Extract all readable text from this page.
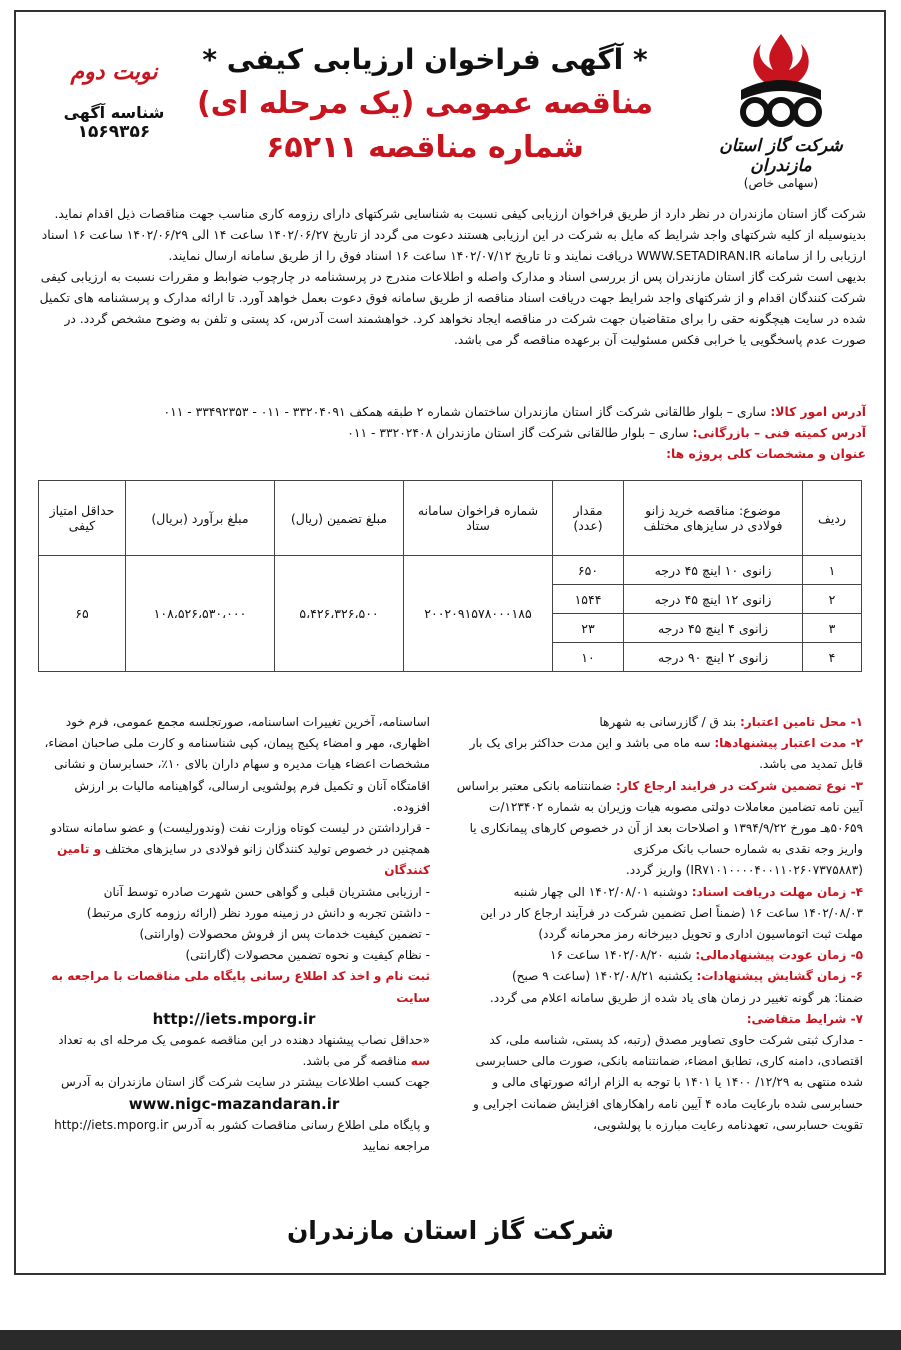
شرکت گاز استان مازندران
(سهامی خاص)
* آگهی فراخوان ارزیابی کیفی *
مناقصه عمومی (یک مرحله ای)
شماره مناقصه ۶۵۲۱۱
نوبت دوم
شناسه آگهی
۱۵۶۹۳۵۶

شرکت گاز استان مازندران در نظر دارد از طریق فراخوان ارزیابی کیفی نسبت به شناسایی شرکتهای دارای رزومه کاری مناسب جهت مناقصات ذیل اقدام نماید. بدینوسیله از کلیه شرکتهای واجد شرایط که مایل به شرکت در این ارزیابی هستند دعوت می گردد از تاریخ ۱۴۰۲/۰۶/۲۷ ساعت ۱۴ الی ۱۴۰۲/۰۶/۲۹ ساعت ۱۶ اسناد ارزیابی را از سامانه WWW.SETADIRAN.IR دریافت نمایند و تا تاریخ ۱۴۰۲/۰۷/۱۲ ساعت ۱۶ اسناد فوق را از طریق سامانه ارسال نمایند.

بدیهی است شرکت گاز استان مازندران پس از بررسی اسناد و مدارک واصله و اطلاعات مندرج در پرسشنامه در چارچوب ضوابط و مقررات نسبت به ارزیابی کیفی شرکت کنندگان اقدام و از شرکتهای واجد شرایط جهت دریافت اسناد مناقصه از طریق سامانه فوق دعوت بعمل خواهد آورد. تا ارائه مدارک و پرسشنامه های تکمیل شده در سایت هیچگونه حقی را برای متقاضیان جهت شرکت در مناقصه ایجاد نخواهد کرد. خواهشمند است آدرس، کد پستی و تلفن به وضوح مشخص گردد. در صورت عدم پاسخگویی یا خرابی فکس مسئولیت آن برعهده مناقصه گر می باشد.

آدرس امور کالا: ساری – بلوار طالقانی شرکت گاز استان مازندران ساختمان شماره ۲ طبقه همکف ۳۳۲۰۴۰۹۱ - ۰۱۱ - ۳۳۴۹۲۳۵۳ - ۰۱۱

آدرس کمیته فنی – بازرگانی: ساری – بلوار طالقانی شرکت گاز استان مازندران ۳۳۲۰۲۴۰۸ - ۰۱۱

عنوان و مشخصات کلی پروژه ها:

ردیف	موضوع: مناقصه خرید زانو فولادی در سایزهای مختلف	مقدار (عدد)	شماره فراخوان سامانه ستاد	مبلغ تضمین (ریال)	مبلغ برآورد (بریال)	حداقل امتیاز کیفی
۱	زانوی ۱۰ اینچ ۴۵ درجه	۶۵۰	۲۰۰۲۰۹۱۵۷۸۰۰۰۱۸۵	۵،۴۲۶،۳۲۶،۵۰۰	۱۰۸،۵۲۶،۵۳۰،۰۰۰	۶۵
۲	زانوی ۱۲ اینچ ۴۵ درجه	۱۵۴۴				
۳	زانوی ۴ اینچ ۴۵ درجه	۲۳				
۴	زانوی ۲ اینچ ۹۰ درجه	۱۰				

۱- محل تامین اعتبار: بند ق / گازرسانی به شهرها

۲- مدت اعتبار پیشنهادها: سه ماه می باشد و این مدت حداکثر برای یک بار قابل تمدید می باشد.

۳- نوع تضمین شرکت در فرایند ارجاع کار: ضمانتنامه بانکی معتبر براساس آیین نامه تضامین معاملات دولتی مصوبه هیات وزیران به شماره ۱۲۳۴۰۲/ت ۵۰۶۵۹هـ مورخ ۱۳۹۴/۹/۲۲ و اصلاحات بعد از آن در خصوص کارهای پیمانکاری یا واریز وجه نقدی به شماره حساب بانک مرکزی (IR۷۱۰۱۰۰۰۰۴۰۰۱۱۰۲۶۰۷۳۷۵۸۸۳) واریز گردد.

۴- زمان مهلت دریافت اسناد: دوشنبه ۱۴۰۲/۰۸/۰۱ الی چهار شنبه ۱۴۰۲/۰۸/۰۳ ساعت ۱۶ (ضمناً اصل تضمین شرکت در فرآیند ارجاع کار در این مهلت ثبت اتوماسیون اداری و تحویل دبیرخانه رمز محرمانه گردد)

۵- زمان عودت پیشنهادمالی: شنبه ۱۴۰۲/۰۸/۲۰ ساعت ۱۶

۶- زمان گشایش پیشنهادات: یکشنبه ۱۴۰۲/۰۸/۲۱ (ساعت ۹ صبح)

ضمنا: هر گونه تغییر در زمان های یاد شده از طریق سامانه اعلام می گردد.

۷- شرایط متقاضی:

- مدارک ثبتی شرکت حاوی تصاویر مصدق (رتبه، کد پستی، شناسه ملی، کد اقتصادی، دامنه کاری، تطابق امضاء، ضمانتنامه بانکی، صورت مالی حسابرسی شده منتهی به ۱۲/۲۹/ ۱۴۰۰ یا ۱۴۰۱ با توجه به الزام ارائه صورتهای مالی و حسابرسی شده بارعایت ماده ۴ آیین نامه راهکارهای افزایش ضمانت اجرایی و تقویت حسابرسی، تعهدنامه رعایت مبارزه با پولشویی،

اساسنامه، آخرین تغییرات اساسنامه، صورتجلسه مجمع عمومی، فرم خود اظهاری، مهر و امضاء پکیج پیمان، کپی شناسنامه و کارت ملی صاحبان امضاء، مشخصات اعضاء هیات مدیره و سهام داران بالای ۱۰٪، حسابرسان و نشانی اقامتگاه آنان و تکمیل فرم پولشویی ارسالی، گواهینامه مالیات بر ارزش افزوده.

- قرارداشتن در لیست کوتاه وزارت نفت (وندورلیست) و عضو سامانه ستادو همچنین در خصوص تولید کنندگان زانو فولادی در سایزهای مختلف و تامین کنندگان

- ارزیابی مشتریان قبلی و گواهی حسن شهرت صادره توسط آنان

- داشتن تجربه و دانش در زمینه مورد نظر (ارائه رزومه کاری مرتبط)

- تضمین کیفیت خدمات پس از فروش محصولات (وارانتی)

- نظام کیفیت و نحوه تضمین محصولات (گارانتی)

ثبت نام و اخذ کد اطلاع رسانی پایگاه ملی مناقصات با مراجعه به سایت

http://iets.mporg.ir

«حداقل نصاب پیشنهاد دهنده در این مناقصه عمومی یک مرحله ای به تعداد سه مناقصه گر می باشد.

جهت کسب اطلاعات بیشتر در سایت شرکت گاز استان مازندران به آدرس

www.nigc-mazandaran.ir

و پایگاه ملی اطلاع رسانی مناقصات کشور به آدرس http://iets.mporg.ir مراجعه نمایید

شرکت گاز استان مازندران
